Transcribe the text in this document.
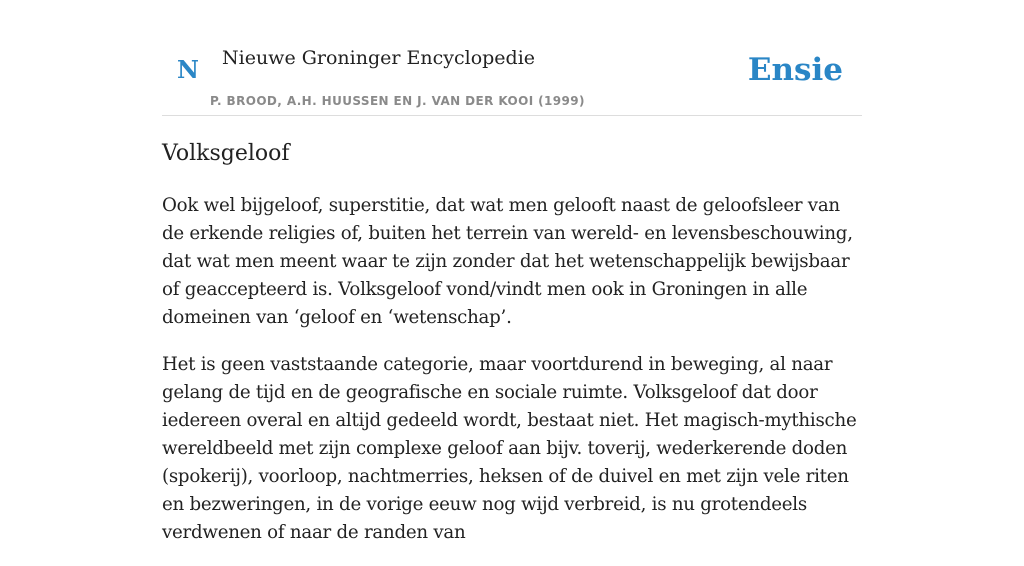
N Nieuwe Groninger Encyclopedie
P. BROOD, A.H. HUUSSEN EN J. VAN DER KOOI (1999)
Ensie
Volksgeloof

Ook wel bijgeloof, superstitie, dat wat men gelooft naast de geloofsleer van de erkende religies of, buiten het terrein van wereld- en levensbeschouwing, dat wat men meent waar te zijn zonder dat het wetenschappelijk bewijsbaar of geaccepteerd is. Volksgeloof vond/vindt men ook in Groningen in alle domeinen van ‘geloof en ‘wetenschap’.

Het is geen vaststaande categorie, maar voortdurend in beweging, al naar gelang de tijd en de geografische en sociale ruimte. Volksgeloof dat door iedereen overal en altijd gedeeld wordt, bestaat niet. Het magisch-mythische wereldbeeld met zijn complexe geloof aan bijv. toverij, wederkerende doden (spokerij), voorloop, nachtmerries, heksen of de duivel en met zijn vele riten en bezweringen, in de vorige eeuw nog wijd verbreid, is nu grotendeels verdwenen of naar de randen van
